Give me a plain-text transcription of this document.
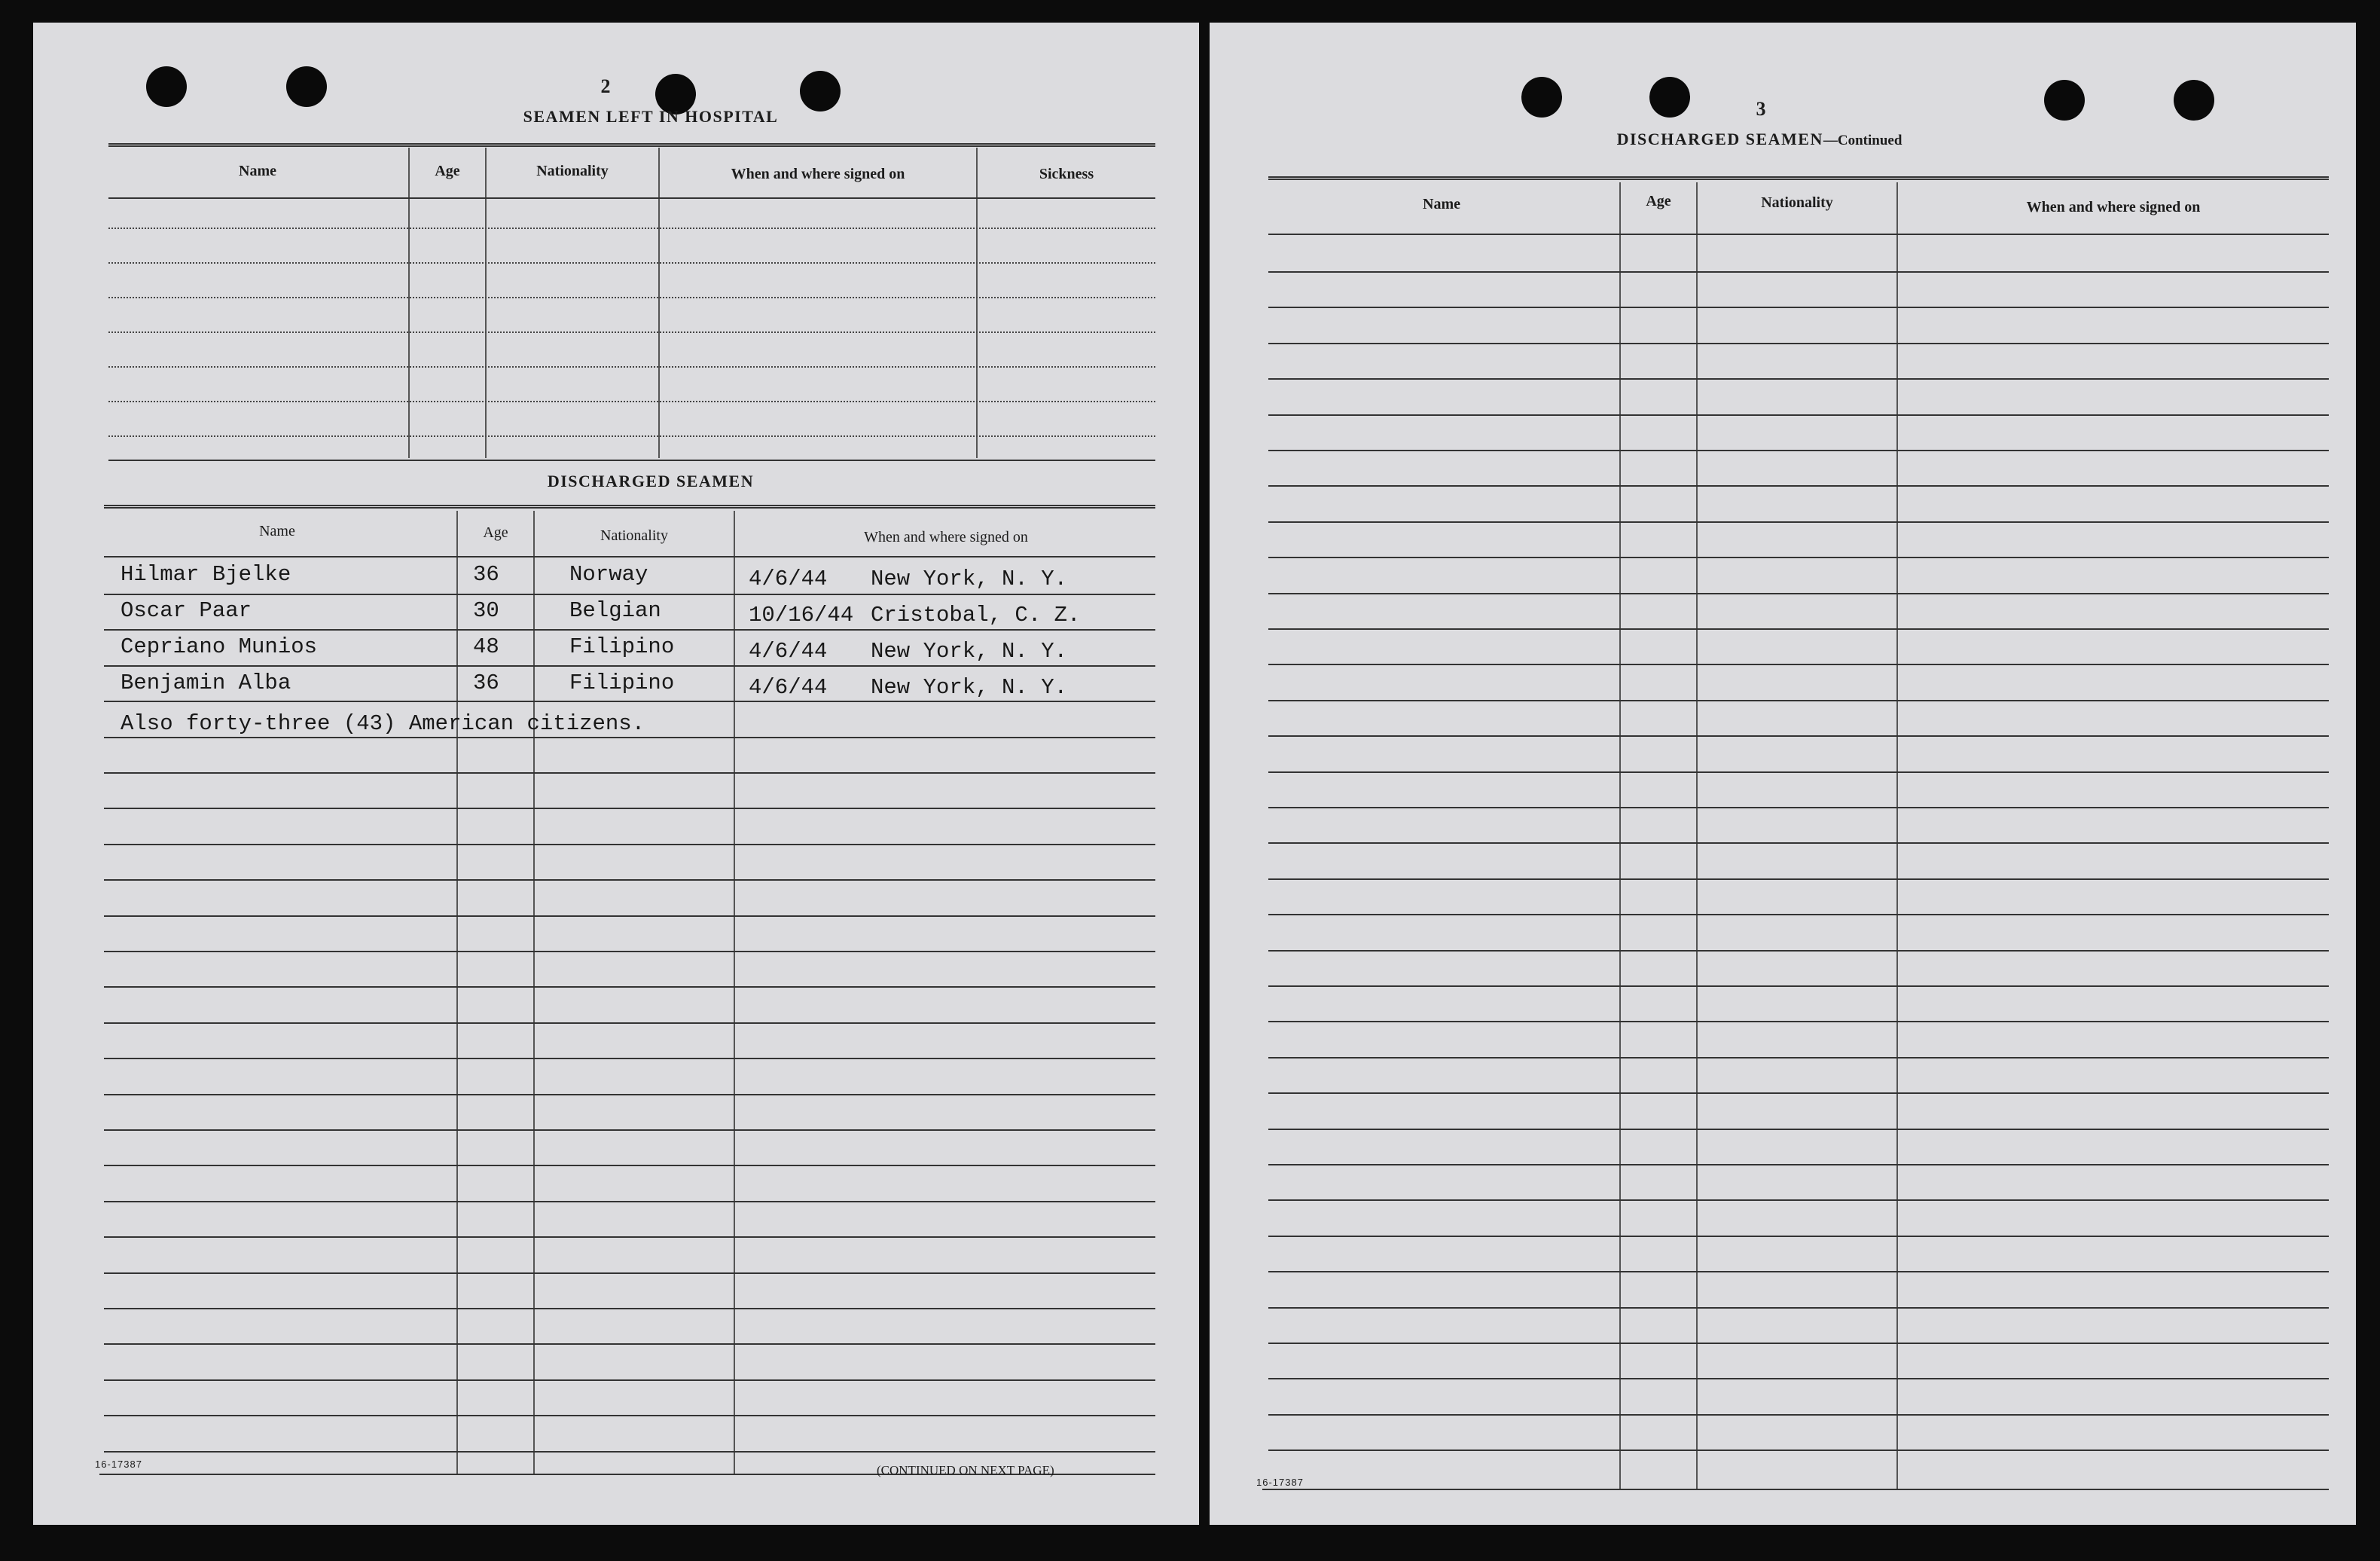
2
SEAMEN LEFT IN HOSPITAL
Name	Age	Nationality	When and where signed on	Sickness
DISCHARGED SEAMEN
Name	Age	Nationality	When and where signed on
Hilmar Bjelke	36	Norway	4/6/44 New York, N. Y.
Oscar Paar	30	Belgian	10/16/44 Cristobal, C. Z.
Cepriano Munios	48	Filipino	4/6/44 New York, N. Y.
Benjamin Alba	36	Filipino	4/6/44 New York, N. Y.
Also forty-three (43) American citizens.
16-17387	(CONTINUED ON NEXT PAGE)
3
DISCHARGED SEAMEN—Continued
Name	Age	Nationality	When and where signed on
16-17387
